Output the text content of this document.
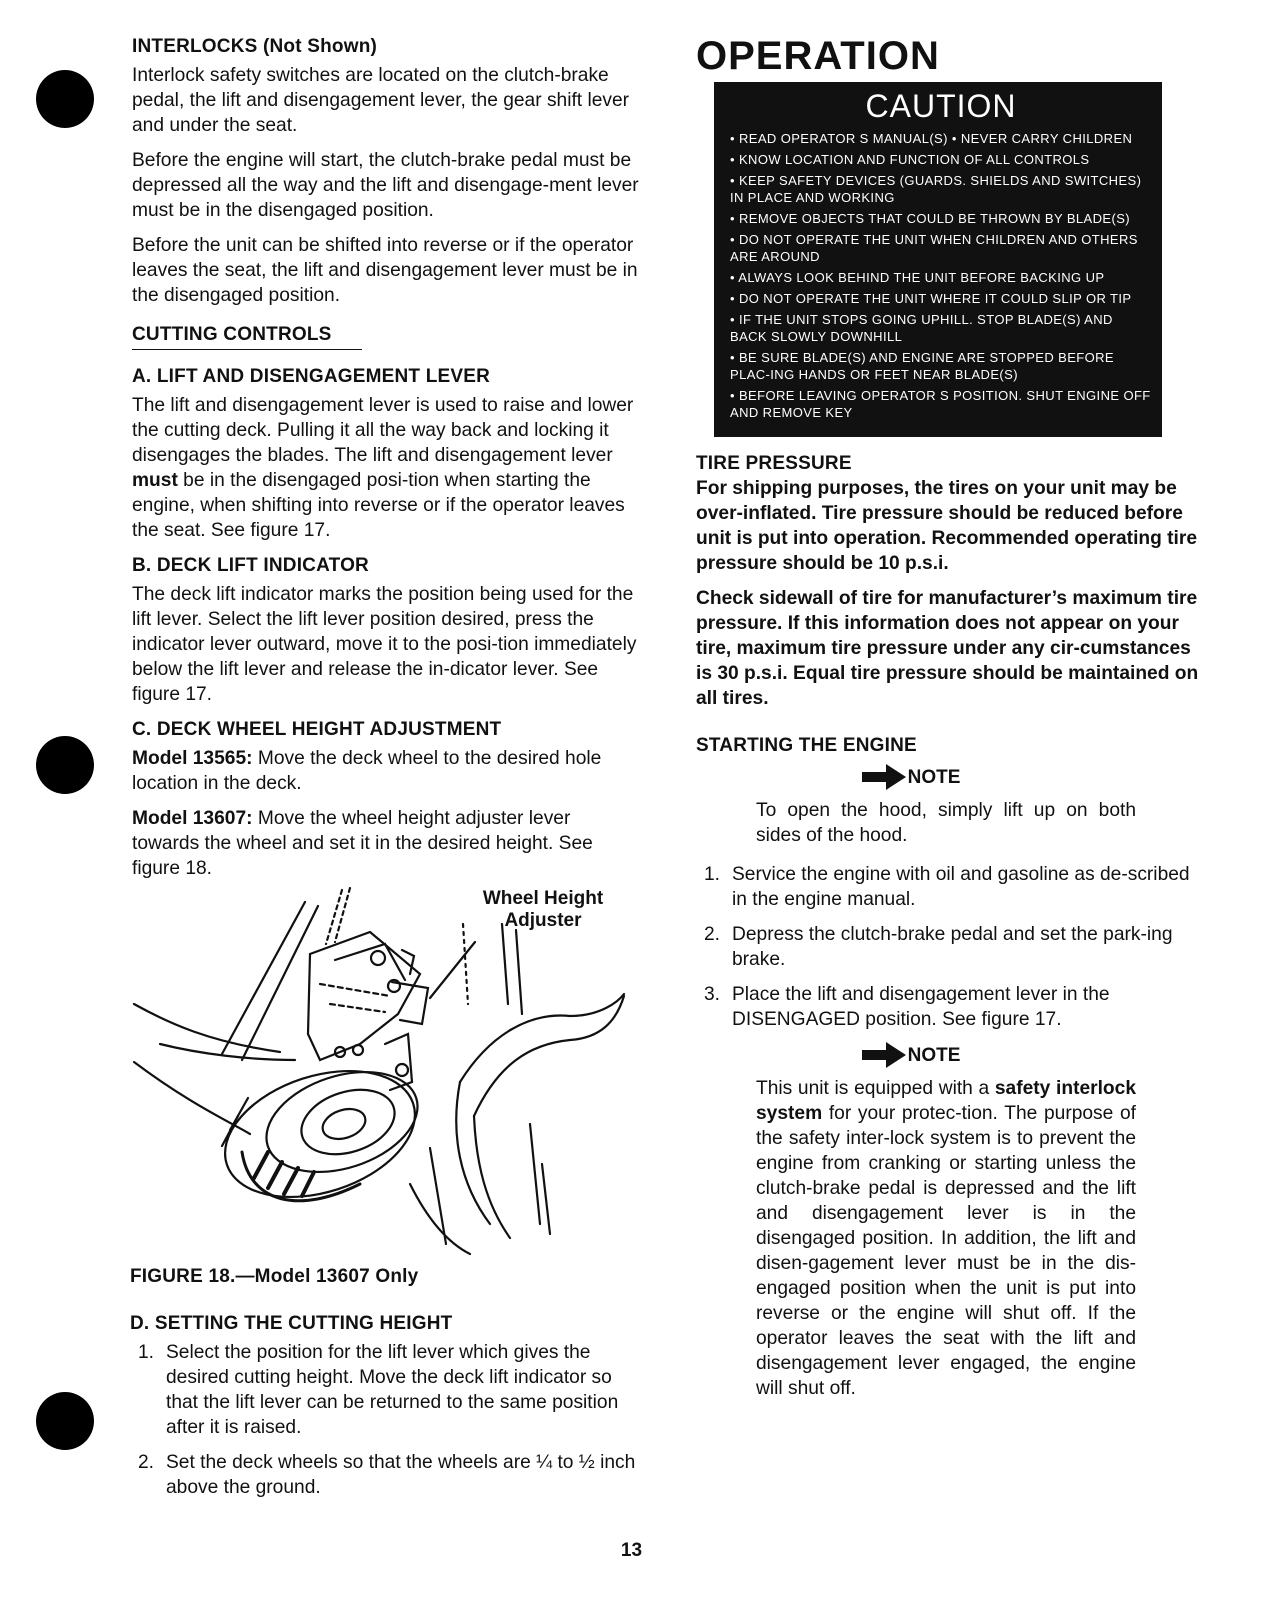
INTERLOCKS (Not Shown)

Interlock safety switches are located on the clutch-brake pedal, the lift and disengagement lever, the gear shift lever and under the seat.

Before the engine will start, the clutch-brake pedal must be depressed all the way and the lift and disengage-ment lever must be in the disengaged position.

Before the unit can be shifted into reverse or if the operator leaves the seat, the lift and disengagement lever must be in the disengaged position.

CUTTING CONTROLS

A. LIFT AND DISENGAGEMENT LEVER

The lift and disengagement lever is used to raise and lower the cutting deck. Pulling it all the way back and locking it disengages the blades. The lift and disengagement lever must be in the disengaged posi-tion when starting the engine, when shifting into reverse or if the operator leaves the seat. See figure 17.

B. DECK LIFT INDICATOR

The deck lift indicator marks the position being used for the lift lever. Select the lift lever position desired, press the indicator lever outward, move it to the posi-tion immediately below the lift lever and release the in-dicator lever. See figure 17.

C. DECK WHEEL HEIGHT ADJUSTMENT

Model 13565: Move the deck wheel to the desired hole location in the deck.

Model 13607: Move the wheel height adjuster lever towards the wheel and set it in the desired height. See figure 18.

Wheel Height
Adjuster

FIGURE 18.—Model 13607 Only

D. SETTING THE CUTTING HEIGHT

1. Select the position for the lift lever which gives the desired cutting height. Move the deck lift indicator so that the lift lever can be returned to the same position after it is raised.
2. Set the deck wheels so that the wheels are ¼ to ½ inch above the ground.

OPERATION

CAUTION
• READ OPERATOR S MANUAL(S) • NEVER CARRY CHILDREN
• KNOW LOCATION AND FUNCTION OF ALL CONTROLS
• KEEP SAFETY DEVICES (GUARDS. SHIELDS AND SWITCHES) IN PLACE AND WORKING
• REMOVE OBJECTS THAT COULD BE THROWN BY BLADE(S)
• DO NOT OPERATE THE UNIT WHEN CHILDREN AND OTHERS ARE AROUND
• ALWAYS LOOK BEHIND THE UNIT BEFORE BACKING UP
• DO NOT OPERATE THE UNIT WHERE IT COULD SLIP OR TIP
• IF THE UNIT STOPS GOING UPHILL. STOP BLADE(S) AND BACK SLOWLY DOWNHILL
• BE SURE BLADE(S) AND ENGINE ARE STOPPED BEFORE PLAC-ING HANDS OR FEET NEAR BLADE(S)
• BEFORE LEAVING OPERATOR S POSITION. SHUT ENGINE OFF AND REMOVE KEY

TIRE PRESSURE

For shipping purposes, the tires on your unit may be over-inflated. Tire pressure should be reduced before unit is put into operation. Recommended operating tire pressure should be 10 p.s.i.

Check sidewall of tire for manufacturer’s maximum tire pressure. If this information does not appear on your tire, maximum tire pressure under any cir-cumstances is 30 p.s.i. Equal tire pressure should be maintained on all tires.

STARTING THE ENGINE

NOTE

To open the hood, simply lift up on both sides of the hood.

1. Service the engine with oil and gasoline as de-scribed in the engine manual.
2. Depress the clutch-brake pedal and set the park-ing brake.
3. Place the lift and disengagement lever in the DISENGAGED position. See figure 17.
NOTE

This unit is equipped with a safety interlock system for your protec-tion. The purpose of the safety inter-lock system is to prevent the engine from cranking or starting unless the clutch-brake pedal is depressed and the lift and disengagement lever is in the disengaged position. In addition, the lift and disen-gagement lever must be in the dis-engaged position when the unit is put into reverse or the engine will shut off. If the operator leaves the seat with the lift and disengagement lever engaged, the engine will shut off.

13
